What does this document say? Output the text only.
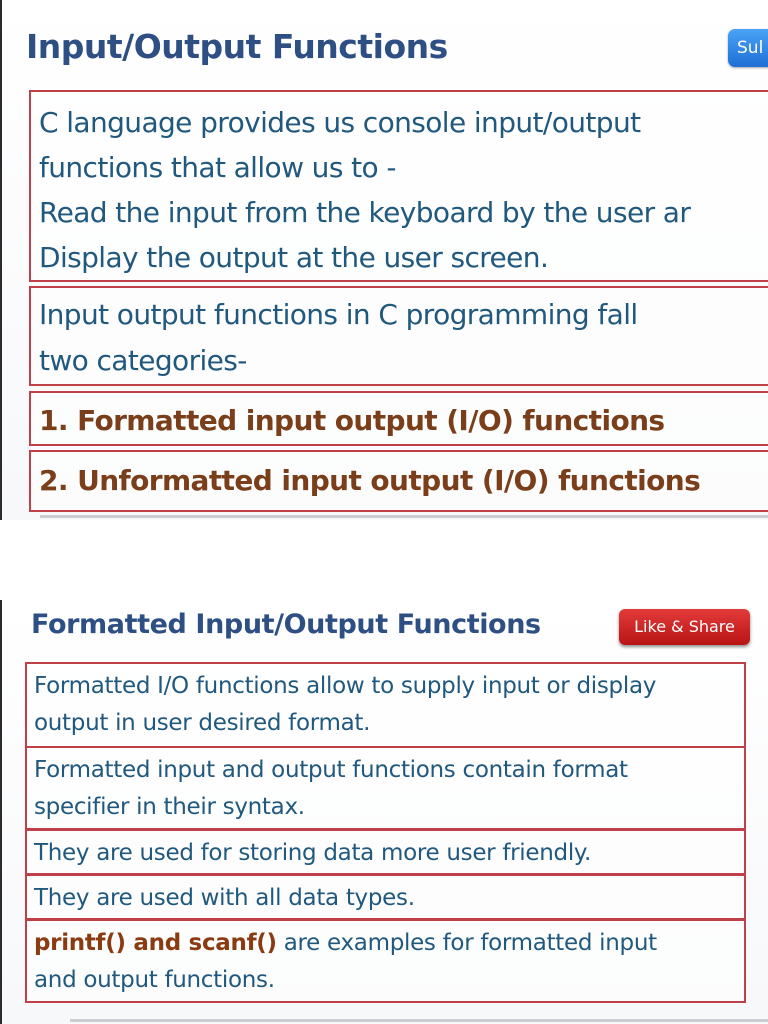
Sul
Input/Output Functions
C language provides us console input/output
functions that allow us to -
Read the input from the keyboard by the user ar
Display the output at the user screen.
Input output functions in C programming fall
two categories-
1. Formatted input output (I/O) functions
2. Unformatted input output (I/O) functions
Formatted Input/Output Functions	Like & Share
Formatted I/O functions allow to supply input or display
output in user desired format.
Formatted input and output functions contain format
specifier in their syntax.
They are used for storing data more user friendly.
They are used with all data types.
printf() and scanf() are examples for formatted input
and output functions.
